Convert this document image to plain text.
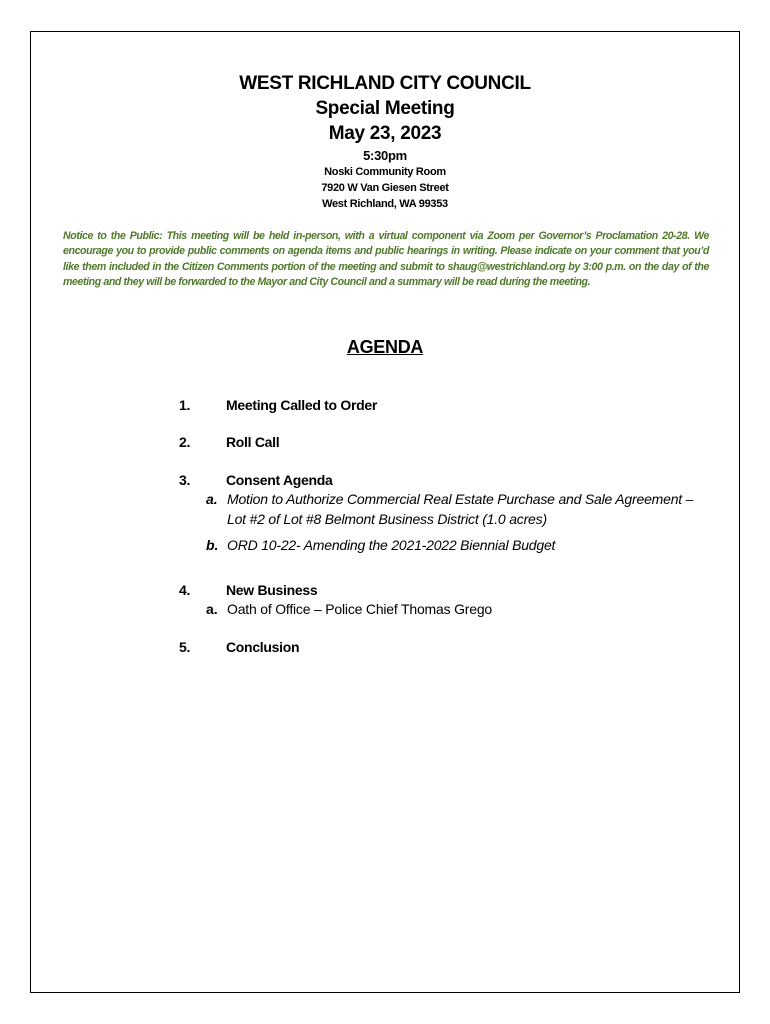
WEST RICHLAND CITY COUNCIL
Special Meeting
May 23, 2023
5:30pm
Noski Community Room
7920 W Van Giesen Street
West Richland, WA 99353
Notice to the Public: This meeting will be held in-person, with a virtual component via Zoom per Governor’s Proclamation 20-28. We encourage you to provide public comments on agenda items and public hearings in writing. Please indicate on your comment that you’d like them included in the Citizen Comments portion of the meeting and submit to shaug@westrichland.org by 3:00 p.m. on the day of the meeting and they will be forwarded to the Mayor and City Council and a summary will be read during the meeting.
AGENDA
1.	Meeting Called to Order
2.	Roll Call
3.	Consent Agenda
a. Motion to Authorize Commercial Real Estate Purchase and Sale Agreement –
Lot #2 of Lot #8 Belmont Business District (1.0 acres)
b. ORD 10-22- Amending the 2021-2022 Biennial Budget
4.	New Business
a. Oath of Office – Police Chief Thomas Grego
5.	Conclusion
